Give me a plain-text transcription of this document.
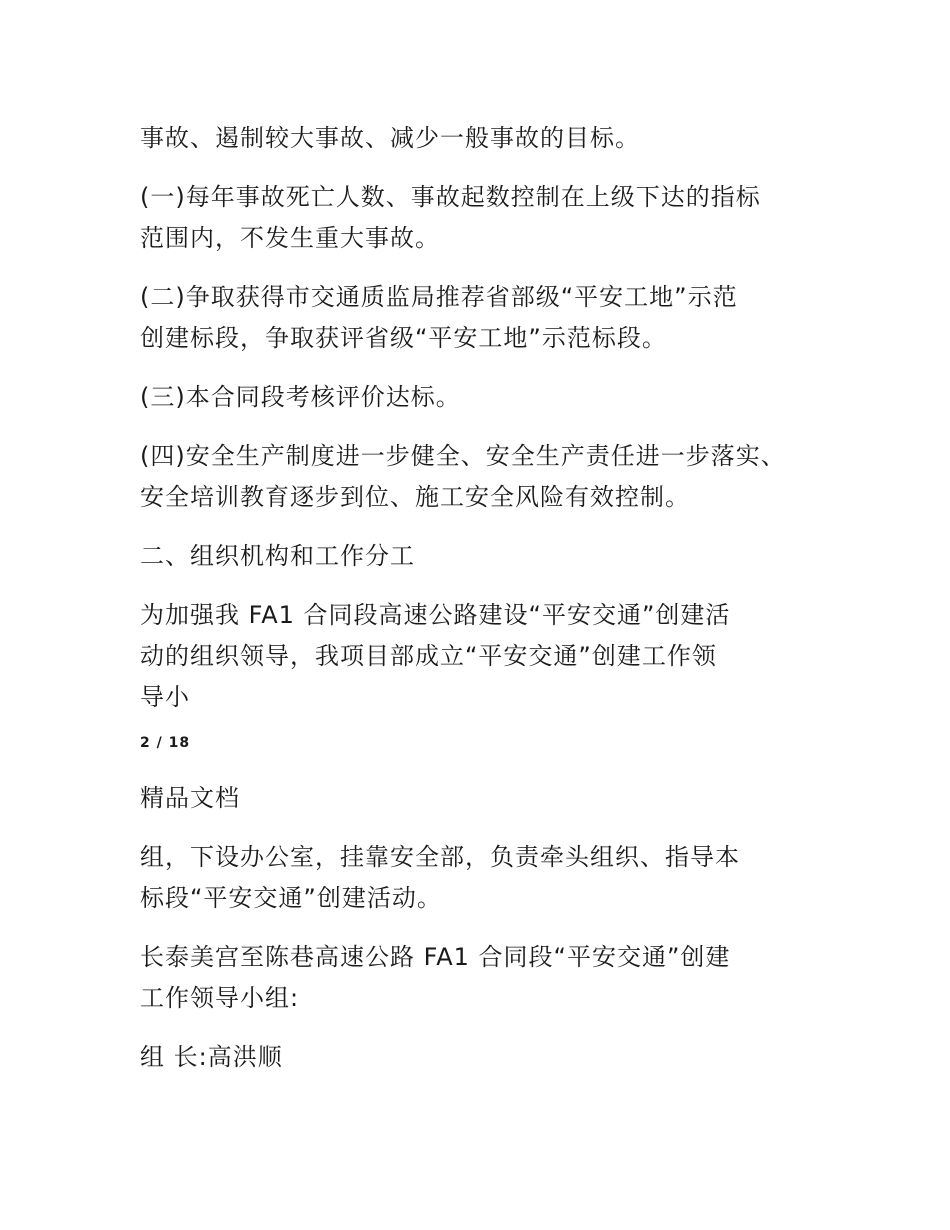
事故、遏制较大事故、减少一般事故的目标。
(一)每年事故死亡人数、事故起数控制在上级下达的指标
范围内，不发生重大事故。
(二)争取获得市交通质监局推荐省部级“平安工地”示范
创建标段，争取获评省级“平安工地”示范标段。
(三)本合同段考核评价达标。
(四)安全生产制度进一步健全、安全生产责任进一步落实、
安全培训教育逐步到位、施工安全风险有效控制。
二、组织机构和工作分工
为加强我 FA1 合同段高速公路建设“平安交通”创建活
动的组织领导，我项目部成立“平安交通”创建工作领
导小
2 / 18
精品文档
组，下设办公室，挂靠安全部，负责牵头组织、指导本
标段“平安交通”创建活动。
长泰美宫至陈巷高速公路 FA1 合同段“平安交通”创建
工作领导小组:
组 长:高洪顺
